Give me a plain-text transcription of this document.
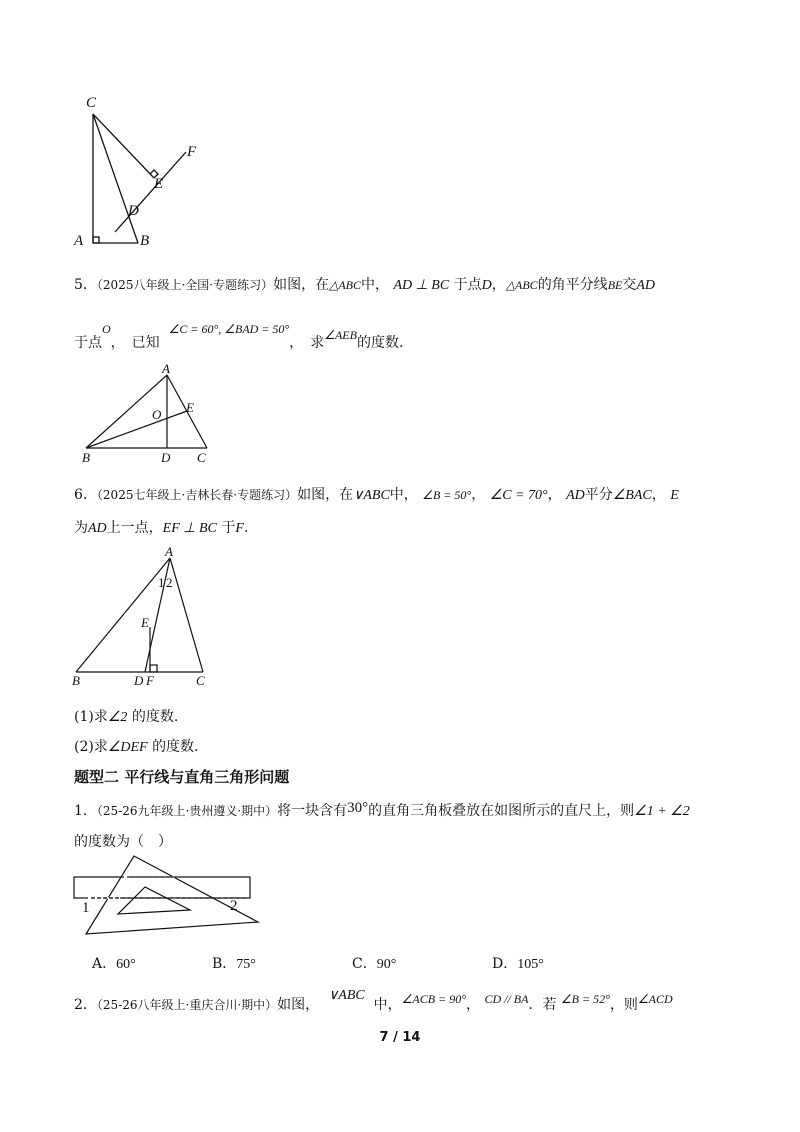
C
F
E
D
A	B
5．（2025八年级上·全国·专题练习）如图，在△ABC中， AD ⊥ BC 于点D，△ABC的角平分线BE交AD
于点O，　已知  ∠C = 60°, ∠BAD = 50°，　求∠AEB的度数.
A
O E
B	D C
6．（2025七年级上·吉林长春·专题练习）如图，在∨ABC中， ∠B = 50°， ∠C = 70°， AD平分∠BAC， E
为AD上一点，EF ⊥ BC 于F.
A
1 2
E
B	D F	C
(1)求∠2 的度数.
(2)求∠DEF 的度数.
题型二 平行线与直角三角形问题
1．（25-26九年级上·贵州遵义·期中）将一块含有30°的直角三角板叠放在如图所示的直尺上，则∠1 + ∠2
的度数为（　）
1	2
A．60°	B．75°	C．90°	D．105°
2．（25-26八年级上·重庆合川·期中）如图，  ∨ABC  中，∠ACB = 90°， CD // BA．若 ∠B = 52°，则∠ACD
7 / 14
